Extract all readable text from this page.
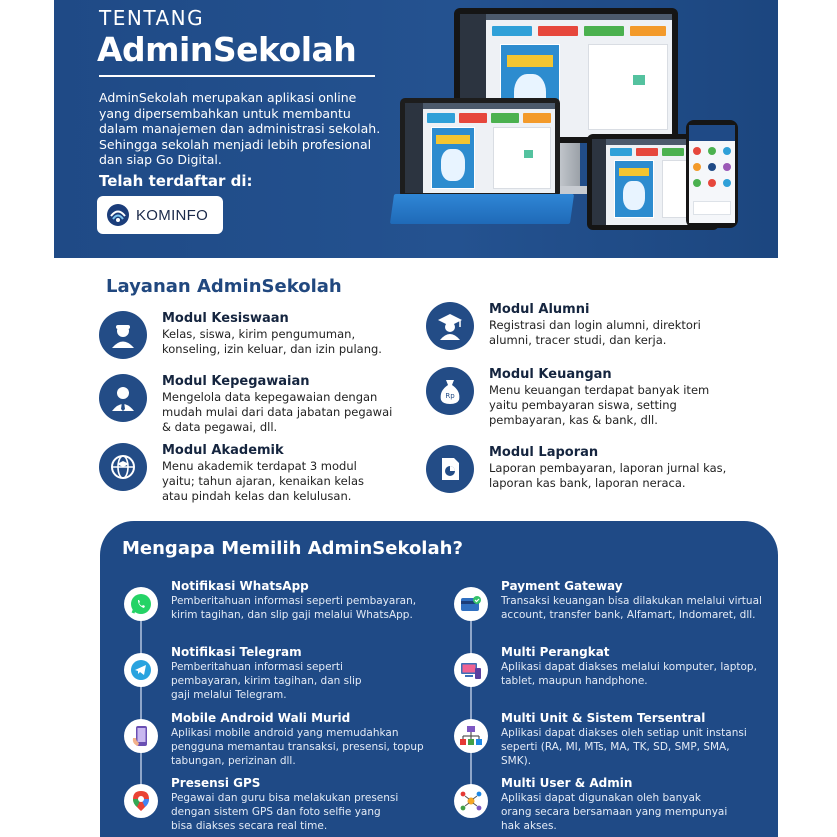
TENTANG
AdminSekolah
AdminSekolah merupakan aplikasi online yang dipersembahkan untuk membantu dalam manajemen dan administrasi sekolah. Sehingga sekolah menjadi lebih profesional dan siap Go Digital.
Telah terdaftar di:
KOMINFO
Layanan AdminSekolah
Modul Kesiswaan
Kelas, siswa, kirim pengumuman, konseling, izin keluar, dan izin pulang.
Modul Kepegawaian
Mengelola data kepegawaian dengan mudah mulai dari data jabatan pegawai & data pegawai, dll.
Modul Akademik
Menu akademik terdapat 3 modul yaitu; tahun ajaran, kenaikan kelas atau pindah kelas dan kelulusan.
Modul Alumni
Registrasi dan login alumni, direktori alumni, tracer studi, dan kerja.
Rp
Modul Keuangan
Menu keuangan terdapat banyak item yaitu pembayaran siswa, setting pembayaran, kas & bank, dll.
Modul Laporan
Laporan pembayaran, laporan jurnal kas, laporan kas bank, laporan neraca.
Mengapa Memilih AdminSekolah?
Notifikasi WhatsApp
Pemberitahuan informasi seperti pembayaran, kirim tagihan, dan slip gaji melalui WhatsApp.
Notifikasi Telegram
Pemberitahuan informasi seperti pembayaran, kirim tagihan, dan slip gaji melalui Telegram.
Mobile Android Wali Murid
Aplikasi mobile android yang memudahkan pengguna memantau transaksi, presensi, topup tabungan, perizinan dll.
Presensi GPS
Pegawai dan guru bisa melakukan presensi dengan sistem GPS dan foto selfie yang bisa diakses secara real time.
Payment Gateway
Transaksi keuangan bisa dilakukan melalui virtual account, transfer bank, Alfamart, Indomaret, dll.
Multi Perangkat
Aplikasi dapat diakses melalui komputer, laptop, tablet, maupun handphone.
Multi Unit & Sistem Tersentral
Aplikasi dapat diakses oleh setiap unit instansi seperti (RA, MI, MTs, MA, TK, SD, SMP, SMA, SMK).
Multi User & Admin
Aplikasi dapat digunakan oleh banyak orang secara bersamaan yang mempunyai hak akses.
